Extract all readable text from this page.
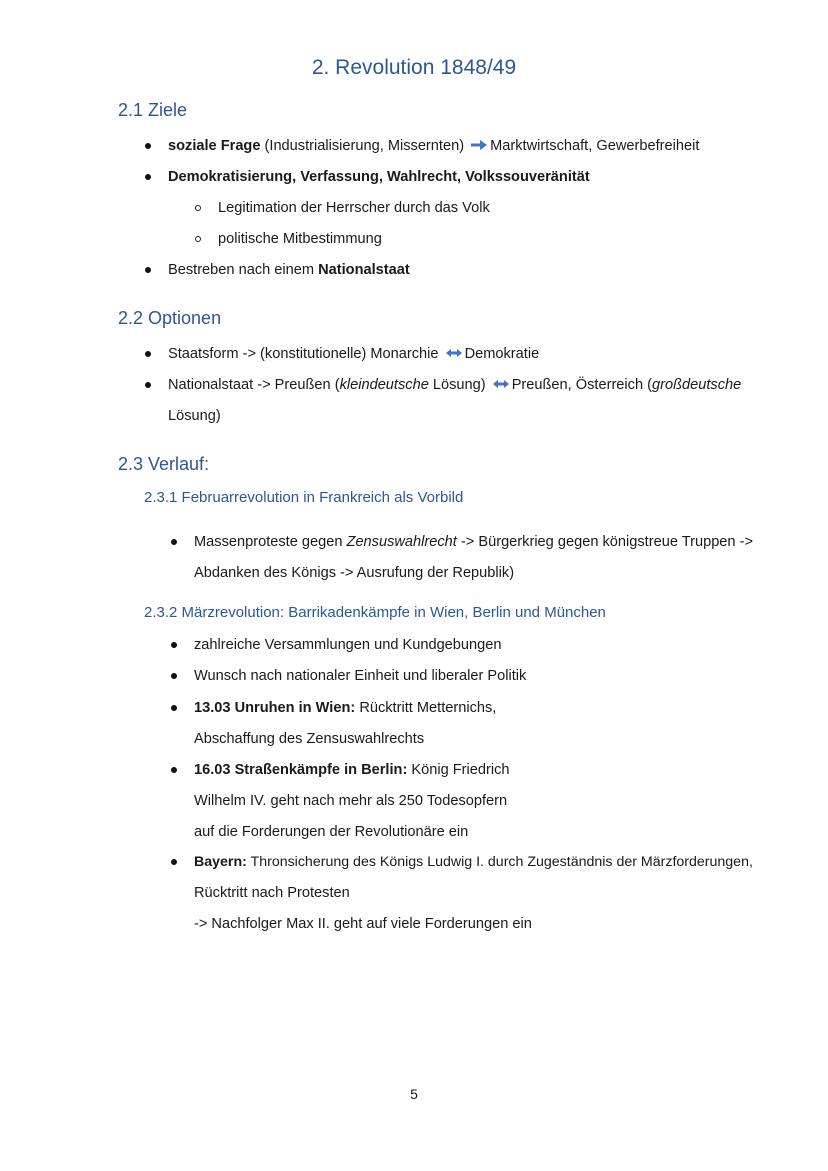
2. Revolution 1848/49
2.1 Ziele
soziale Frage (Industrialisierung, Missernten) Marktwirtschaft, Gewerbefreiheit
Demokratisierung, Verfassung, Wahlrecht, Volkssouveränität
Legitimation der Herrscher durch das Volk
politische Mitbestimmung
Bestreben nach einem Nationalstaat
2.2 Optionen
Staatsform -> (konstitutionelle) Monarchie Demokratie
Nationalstaat -> Preußen (kleindeutsche Lösung) Preußen, Österreich (großdeutsche
Lösung)
2.3 Verlauf:
2.3.1 Februarrevolution in Frankreich als Vorbild
Massenproteste gegen Zensuswahlrecht -> Bürgerkrieg gegen königstreue Truppen ->
Abdanken des Königs -> Ausrufung der Republik)
2.3.2 Märzrevolution: Barrikadenkämpfe in Wien, Berlin und München
zahlreiche Versammlungen und Kundgebungen
Wunsch nach nationaler Einheit und liberaler Politik
13.03 Unruhen in Wien: Rücktritt Metternichs,
Abschaffung des Zensuswahlrechts
16.03 Straßenkämpfe in Berlin: König Friedrich
Wilhelm IV. geht nach mehr als 250 Todesopfern
auf die Forderungen der Revolutionäre ein
Bayern: Thronsicherung des Königs Ludwig I. durch Zugeständnis der Märzforderungen,
Rücktritt nach Protesten
-> Nachfolger Max II. geht auf viele Forderungen ein
5
